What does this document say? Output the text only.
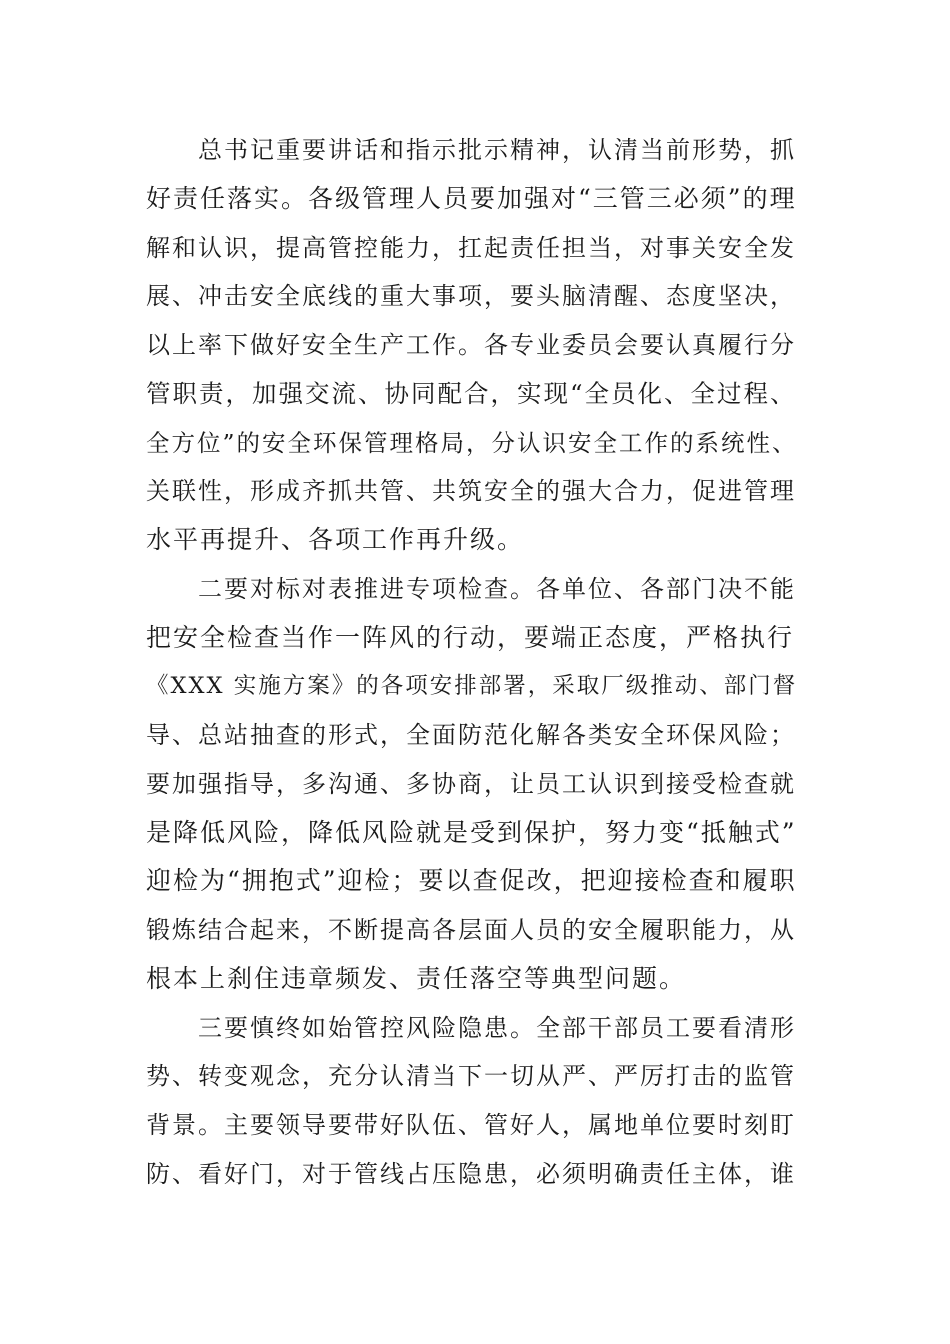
总书记重要讲话和指示批示精神，认清当前形势，抓
好责任落实。各级管理人员要加强对“三管三必须”的理
解和认识，提高管控能力，扛起责任担当，对事关安全发
展、冲击安全底线的重大事项，要头脑清醒、态度坚决，
以上率下做好安全生产工作。各专业委员会要认真履行分
管职责，加强交流、协同配合，实现“全员化、全过程、
全方位”的安全环保管理格局，分认识安全工作的系统性、
关联性，形成齐抓共管、共筑安全的强大合力，促进管理
水平再提升、各项工作再升级。
二要对标对表推进专项检查。各单位、各部门决不能
把安全检查当作一阵风的行动，要端正态度，严格执行
《XXX 实施方案》的各项安排部署，采取厂级推动、部门督
导、总站抽查的形式，全面防范化解各类安全环保风险；
要加强指导，多沟通、多协商，让员工认识到接受检查就
是降低风险，降低风险就是受到保护，努力变“抵触式”
迎检为“拥抱式”迎检；要以查促改，把迎接检查和履职
锻炼结合起来，不断提高各层面人员的安全履职能力，从
根本上刹住违章频发、责任落空等典型问题。
三要慎终如始管控风险隐患。全部干部员工要看清形
势、转变观念，充分认清当下一切从严、严厉打击的监管
背景。主要领导要带好队伍、管好人，属地单位要时刻盯
防、看好门，对于管线占压隐患，必须明确责任主体，谁
